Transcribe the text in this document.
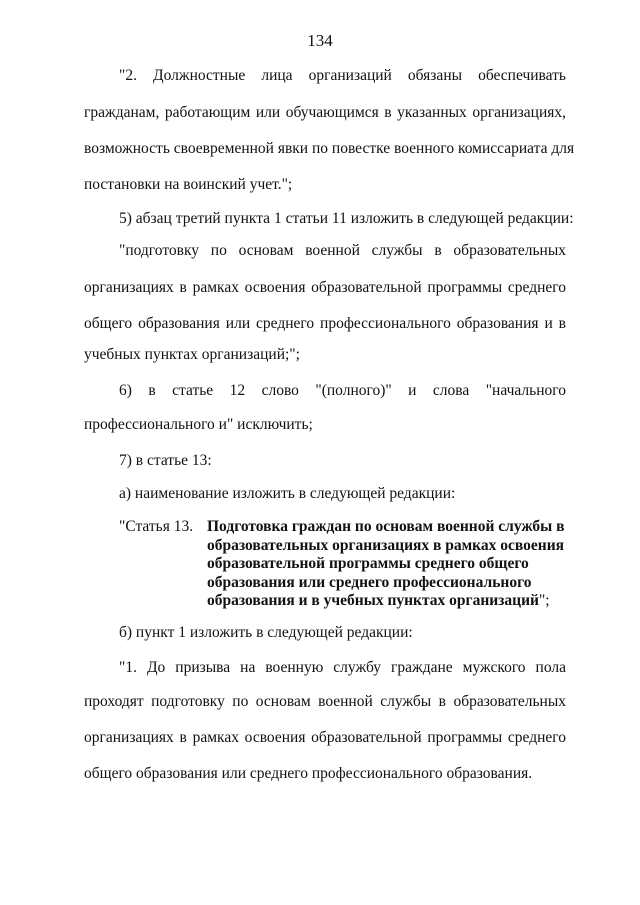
134
"2. Должностные лица организаций обязаны обеспечивать
гражданам, работающим или обучающимся в указанных организациях,
возможность своевременной явки по повестке военного комиссариата для
постановки на воинский учет.";
5) абзац третий пункта 1 статьи 11 изложить в следующей редакции:
"подготовку по основам военной службы в образовательных
организациях в рамках освоения образовательной программы среднего
общего образования или среднего профессионального образования и в
учебных пунктах организаций;";
6) в статье 12 слово "(полного)" и слова "начального
профессионального и" исключить;
7) в статье 13:
а) наименование изложить в следующей редакции:
"Статья 13. Подготовка граждан по основам военной службы в
образовательных организациях в рамках освоения
образовательной программы среднего общего
образования или среднего профессионального
образования и в учебных пунктах организаций";
б) пункт 1 изложить в следующей редакции:
"1. До призыва на военную службу граждане мужского пола
проходят подготовку по основам военной службы в образовательных
организациях в рамках освоения образовательной программы среднего
общего образования или среднего профессионального образования.
